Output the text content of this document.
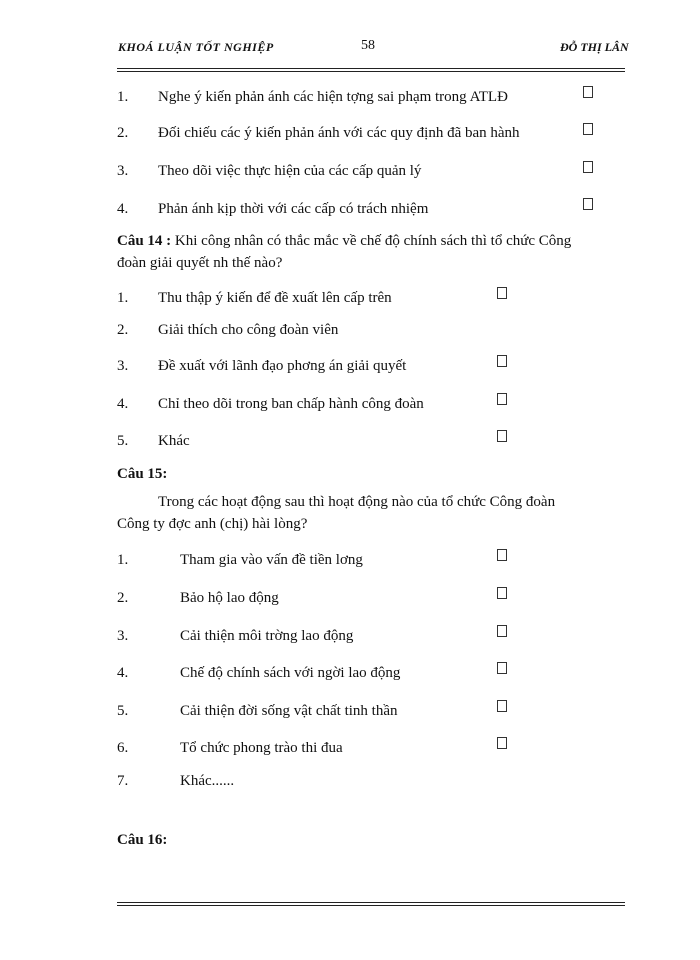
KHOÁ LUẬN TỐT NGHIỆP	58	ĐỖ THỊ LÂN
1. Nghe ý kiến phản ánh các hiện tợng sai phạm trong ATLĐ
2. Đối chiếu các ý kiến phản ánh với các quy định đã ban hành
3. Theo dõi việc thực hiện của các cấp quản lý
4. Phản ánh kịp thời với các cấp có trách nhiệm
Câu 14 : Khi công nhân có thắc mắc về chế độ chính sách thì tổ chức Công
đoàn giải quyết nh thế nào?
1. Thu thập ý kiến để đề xuất lên cấp trên
2. Giải thích cho công đoàn viên
3. Đề xuất với lãnh đạo phơng án giải quyết
4. Chỉ theo dõi trong ban chấp hành công đoàn
5. Khác
Câu 15:
Trong các hoạt động sau thì hoạt động nào của tổ chức Công đoàn
Công ty đợc anh (chị) hài lòng?
1.	Tham gia vào vấn đề tiền lơng
2.	Bảo hộ lao động
3.	Cải thiện môi trờng lao động
4.	Chế độ chính sách với ngời lao động
5.	Cải thiện đời sống vật chất tinh thần
6.	Tổ chức phong trào thi đua
7.	Khác......
Câu 16:
